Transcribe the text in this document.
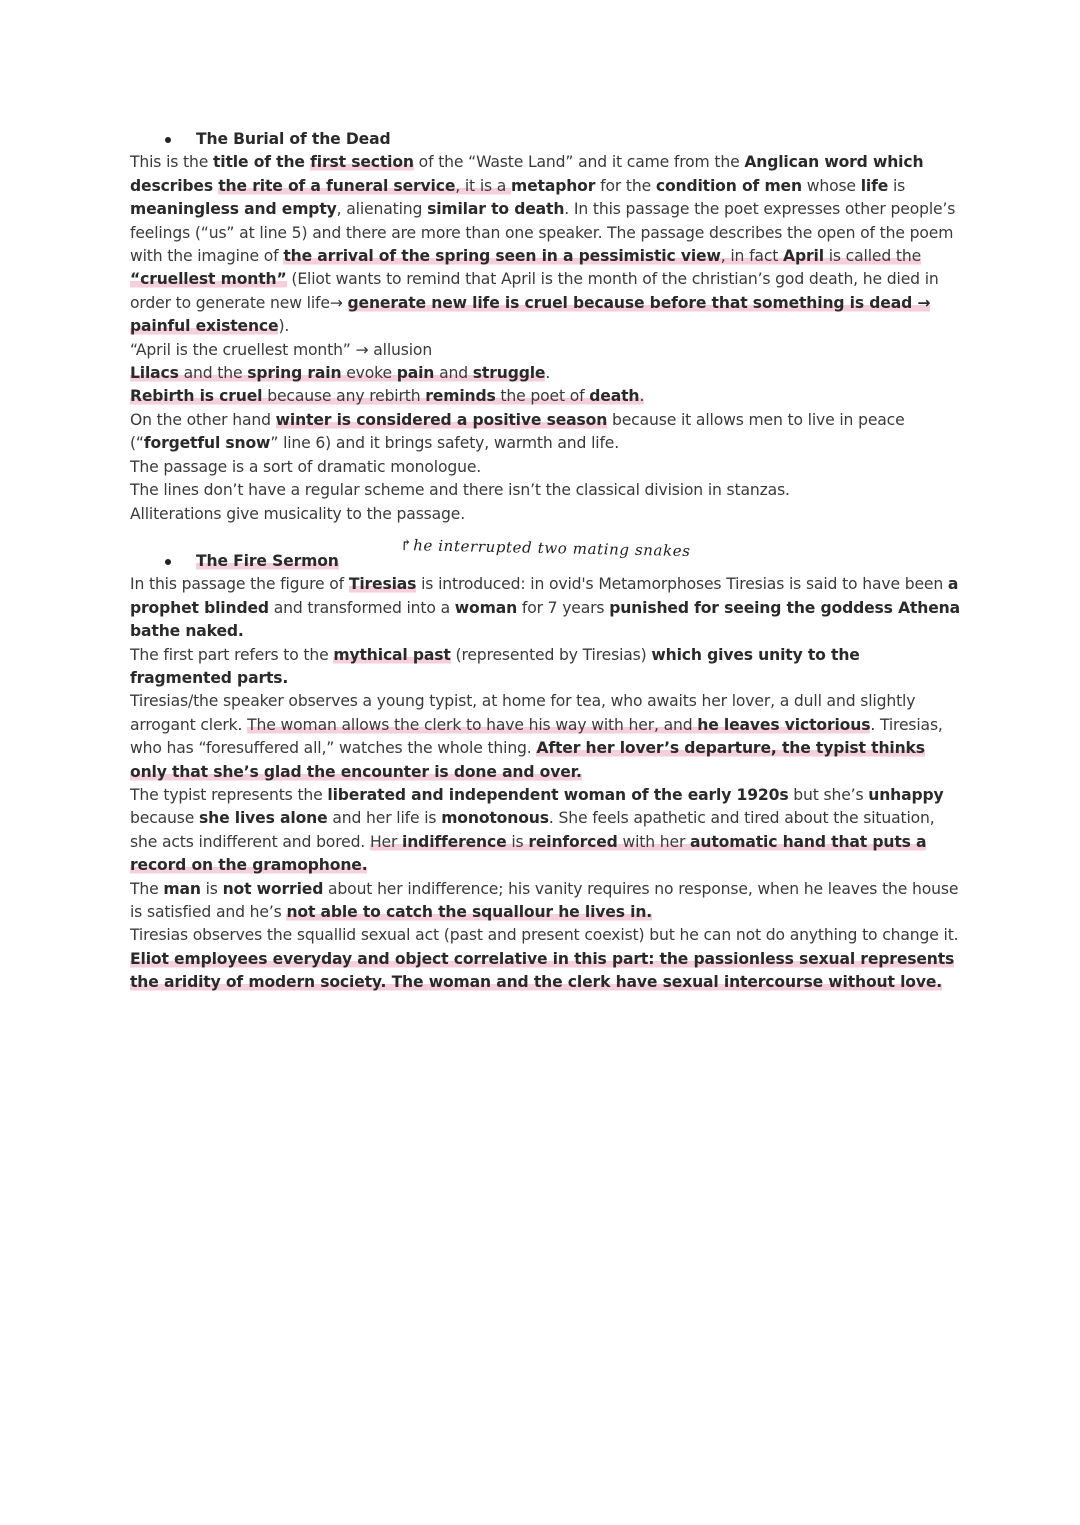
The Burial of the Dead

This is the title of the first section of the “Waste Land” and it came from the Anglican word which describes the rite of a funeral service, it is a metaphor for the condition of men whose life is meaningless and empty, alienating similar to death. In this passage the poet expresses other people’s feelings (“us” at line 5) and there are more than one speaker. The passage describes the open of the poem with the imagine of the arrival of the spring seen in a pessimistic view, in fact April is called the “cruellest month” (Eliot wants to remind that April is the month of the christian’s god death, he died in order to generate new life→ generate new life is cruel because before that something is dead → painful existence).

“April is the cruellest month” → allusion

Lilacs and the spring rain evoke pain and struggle.

Rebirth is cruel because any rebirth reminds the poet of death.

On the other hand winter is considered a positive season because it allows men to live in peace (“forgetful snow” line 6) and it brings safety, warmth and life.

The passage is a sort of dramatic monologue.

The lines don’t have a regular scheme and there isn’t the classical division in stanzas.

Alliterations give musicality to the passage.

The Fire Sermon

In this passage the figure of Tiresias is introduced: in ovid's Metamorphoses Tiresias is said to have been a prophet blinded and transformed into a woman for 7 years punished for seeing the goddess Athena bathe naked.

The first part refers to the mythical past (represented by Tiresias) which gives unity to the fragmented parts.

Tiresias/the speaker observes a young typist, at home for tea, who awaits her lover, a dull and slightly arrogant clerk. The woman allows the clerk to have his way with her, and he leaves victorious. Tiresias, who has “foresuffered all,” watches the whole thing. After her lover’s departure, the typist thinks only that she’s glad the encounter is done and over.

The typist represents the liberated and independent woman of the early 1920s but she’s unhappy because she lives alone and her life is monotonous. She feels apathetic and tired about the situation, she acts indifferent and bored. Her indifference is reinforced with her automatic hand that puts a record on the gramophone.

The man is not worried about her indifference; his vanity requires no response, when he leaves the house is satisfied and he’s not able to catch the squallour he lives in.

Tiresias observes the squallid sexual act (past and present coexist) but he can not do anything to change it.

Eliot employees everyday and object correlative in this part: the passionless sexual represents the aridity of modern society. The woman and the clerk have sexual intercourse without love.

↱he interrupted two mating snakes
